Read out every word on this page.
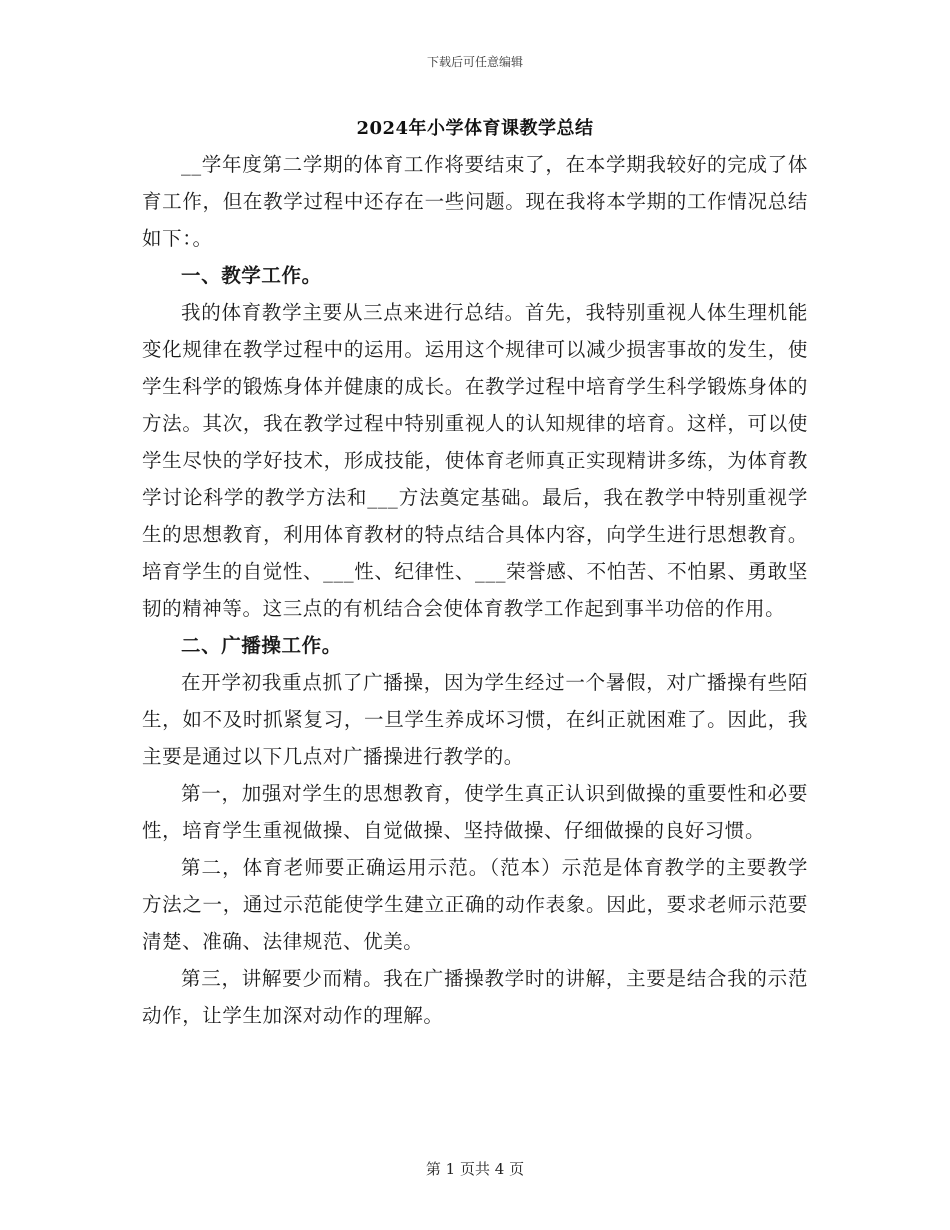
下载后可任意编辑
2024年小学体育课教学总结

__学年度第二学期的体育工作将要结束了，在本学期我较好的完成了体育工作，但在教学过程中还存在一些问题。现在我将本学期的工作情况总结如下：。

一、教学工作。

我的体育教学主要从三点来进行总结。首先，我特别重视人体生理机能变化规律在教学过程中的运用。运用这个规律可以减少损害事故的发生，使学生科学的锻炼身体并健康的成长。在教学过程中培育学生科学锻炼身体的方法。其次，我在教学过程中特别重视人的认知规律的培育。这样，可以使学生尽快的学好技术，形成技能，使体育老师真正实现精讲多练，为体育教学讨论科学的教学方法和___方法奠定基础。最后，我在教学中特别重视学生的思想教育，利用体育教材的特点结合具体内容，向学生进行思想教育。培育学生的自觉性、___性、纪律性、___荣誉感、不怕苦、不怕累、勇敢坚韧的精神等。这三点的有机结合会使体育教学工作起到事半功倍的作用。

二、广播操工作。

在开学初我重点抓了广播操，因为学生经过一个暑假，对广播操有些陌生，如不及时抓紧复习，一旦学生养成坏习惯，在纠正就困难了。因此，我主要是通过以下几点对广播操进行教学的。

第一，加强对学生的思想教育，使学生真正认识到做操的重要性和必要性，培育学生重视做操、自觉做操、坚持做操、仔细做操的良好习惯。

第二，体育老师要正确运用示范。（范本）示范是体育教学的主要教学方法之一，通过示范能使学生建立正确的动作表象。因此，要求老师示范要清楚、准确、法律规范、优美。

第三，讲解要少而精。我在广播操教学时的讲解，主要是结合我的示范动作，让学生加深对动作的理解。

第 1 页共 4 页
